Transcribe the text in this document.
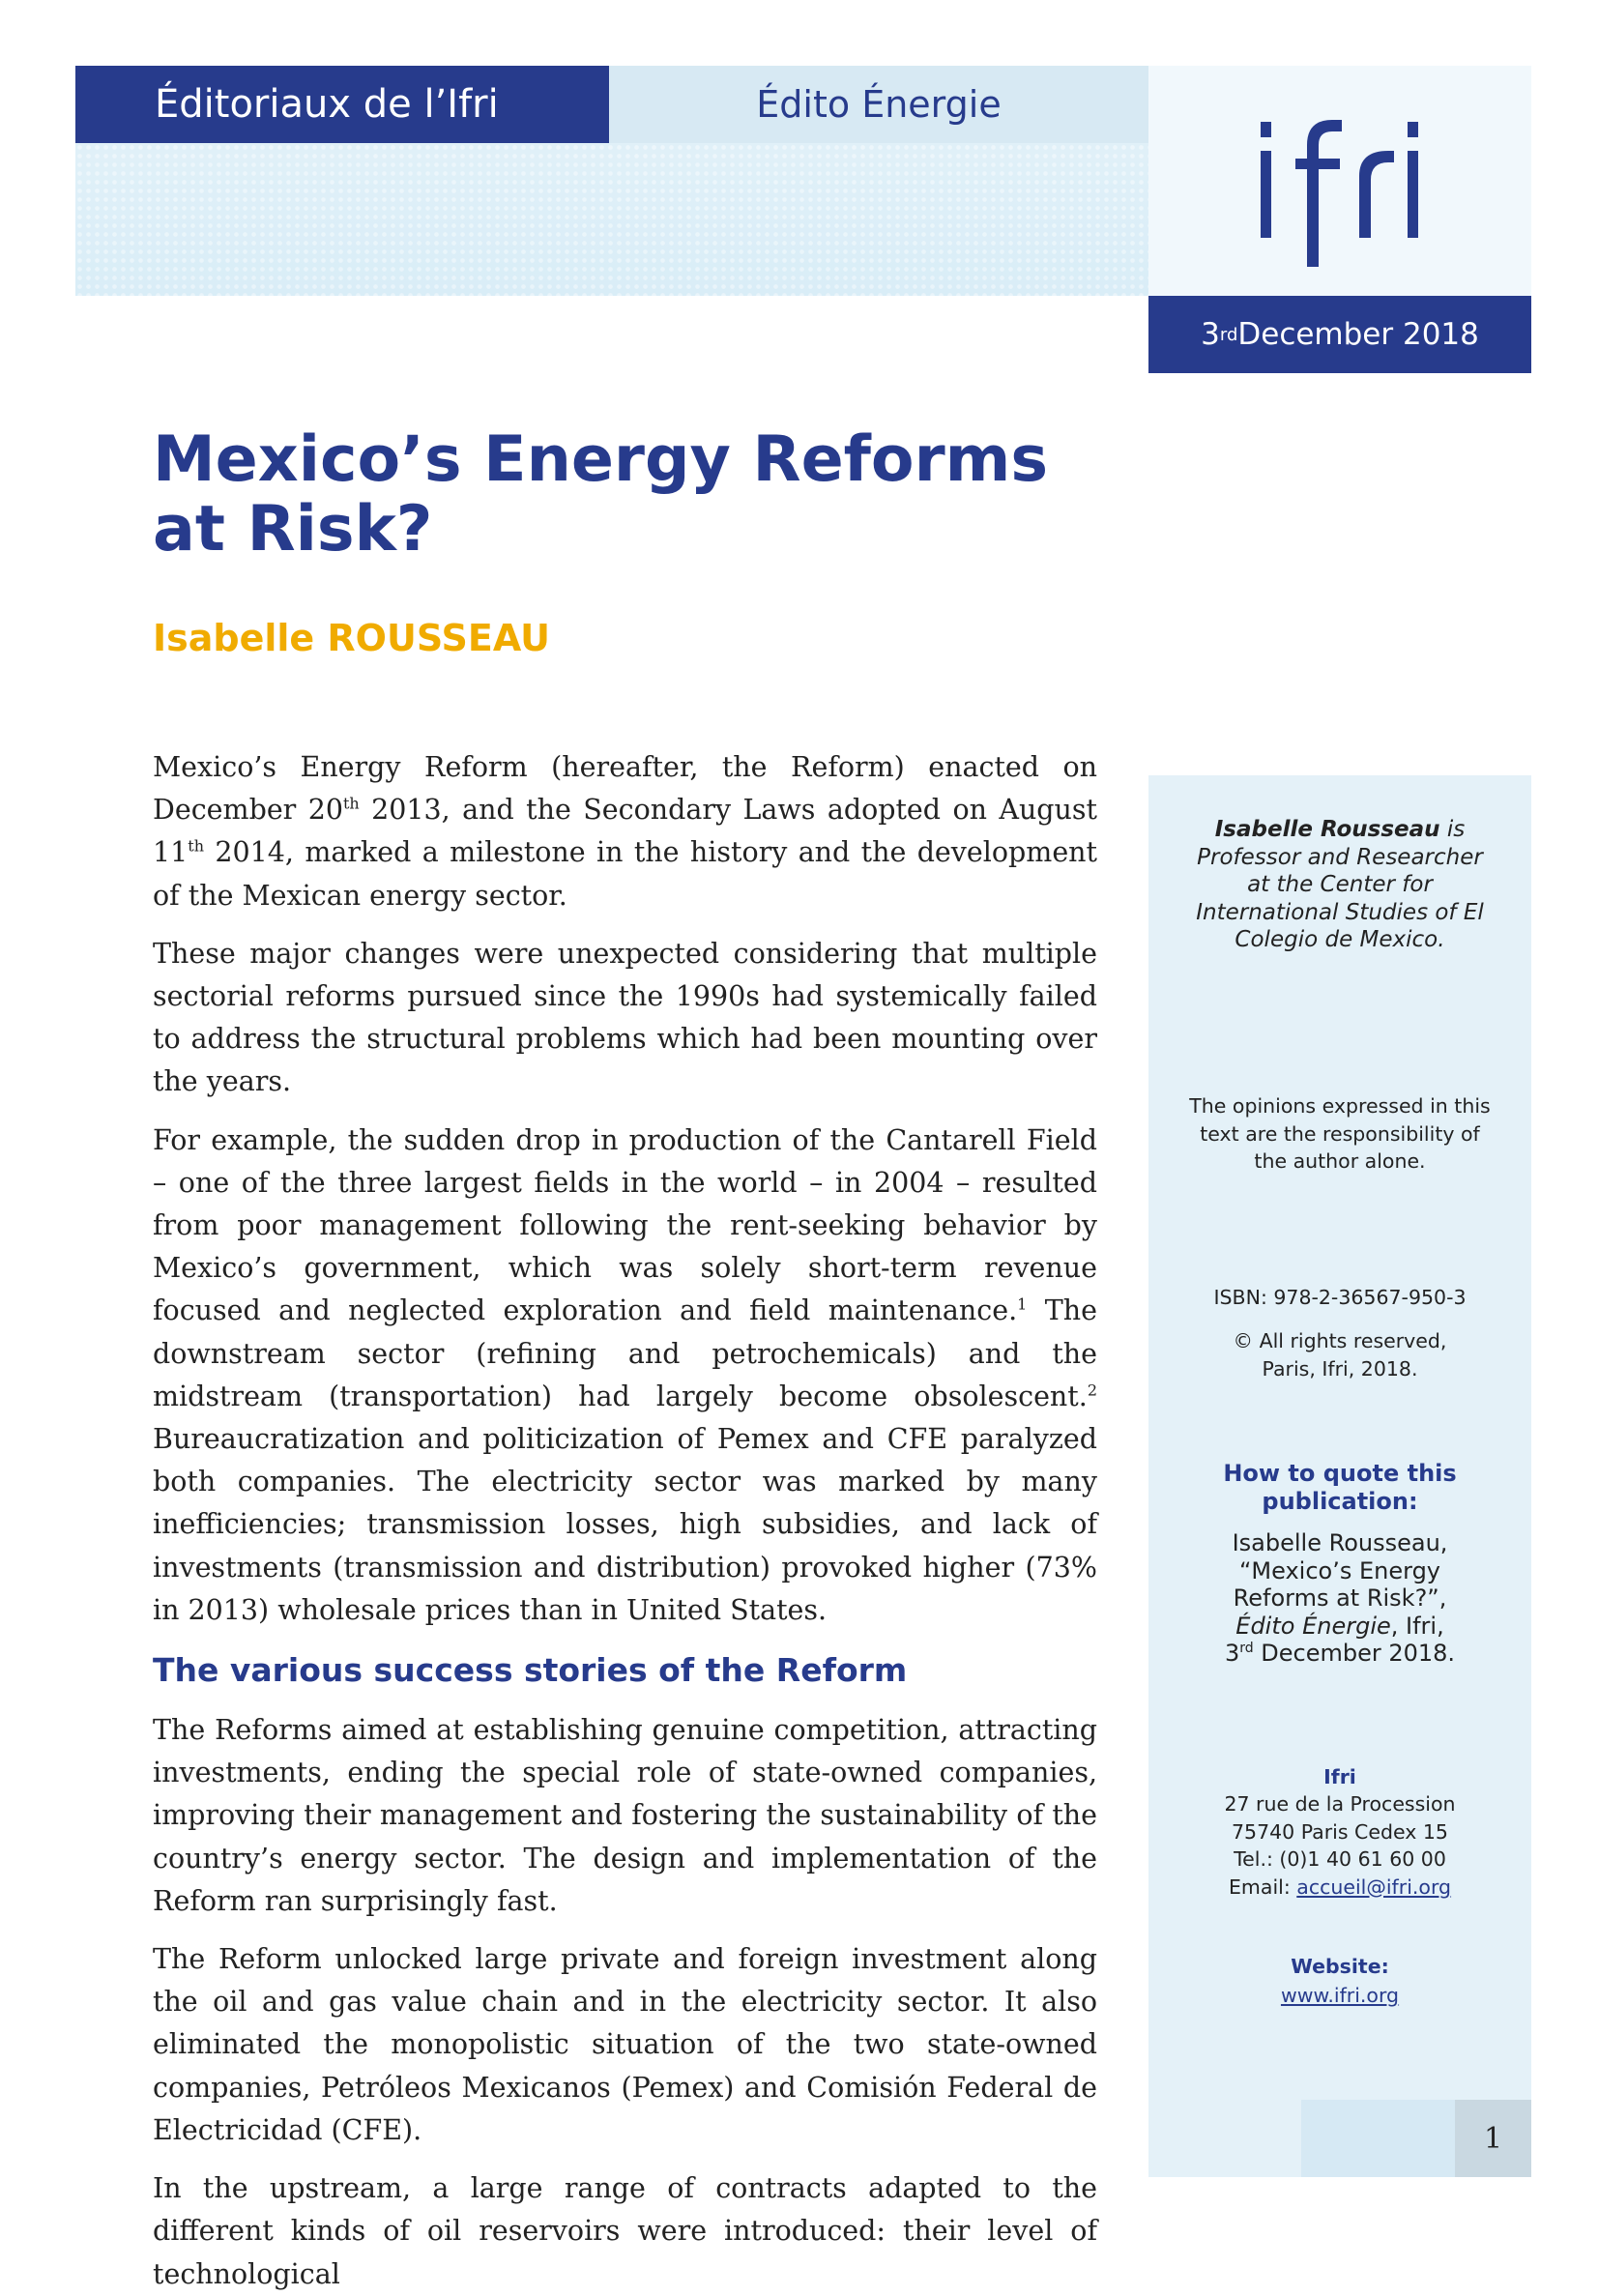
Éditoriaux de l’Ifri	Édito Énergie
3 rd December 2018
Mexico’s Energy Reforms
at Risk?
Isabelle ROUSSEAU

Mexico’s Energy Reform (hereafter, the Reform) enacted on December 20th 2013, and the Secondary Laws adopted on August 11th 2014, marked a milestone in the history and the development of the Mexican energy sector.

These major changes were unexpected considering that multiple sectorial reforms pursued since the 1990s had systemically failed to address the structural problems which had been mounting over the years.

For example, the sudden drop in production of the Cantarell Field – one of the three largest fields in the world – in 2004 – resulted from poor management following the rent-seeking behavior by Mexico’s government, which was solely short-term revenue focused and neglected exploration and field maintenance.$^1$ The downstream sector (refining and petrochemicals) and the midstream (transportation) had largely become obsolescent.$^2$ Bureaucratization and politicization of Pemex and CFE paralyzed both companies. The electricity sector was marked by many inefficiencies; transmission losses, high subsidies, and lack of investments (transmission and distribution) provoked higher (73% in 2013) wholesale prices than in United States.

The various success stories of the Reform

The Reforms aimed at establishing genuine competition, attracting investments, ending the special role of state-owned companies, improving their management and fostering the sustainability of the country’s energy sector. The design and implementation of the Reform ran surprisingly fast.

The Reform unlocked large private and foreign investment along the oil and gas value chain and in the electricity sector. It also eliminated the monopolistic situation of the two state-owned companies, Petróleos Mexicanos (Pemex) and Comisión Federal de Electricidad (CFE).

In the upstream, a large range of contracts adapted to the different kinds of oil reservoirs were introduced: their level of technological

Isabelle Rousseau is Professor and Researcher at the Center for International Studies of El Colegio de Mexico.
The opinions expressed in this text are the responsibility of the author alone.
ISBN: 978-2-36567-950-3
© All rights reserved,
Paris, Ifri, 2018.
How to quote this
publication:
Isabelle Rousseau,
“Mexico’s Energy
Reforms at Risk?”,
Édito Énergie, Ifri,
3rd December 2018.
Ifri
27 rue de la Procession
75740 Paris Cedex 15
Tel.: (0)1 40 61 60 00
Email: accueil@ifri.org
Website:
www.ifri.org
1
